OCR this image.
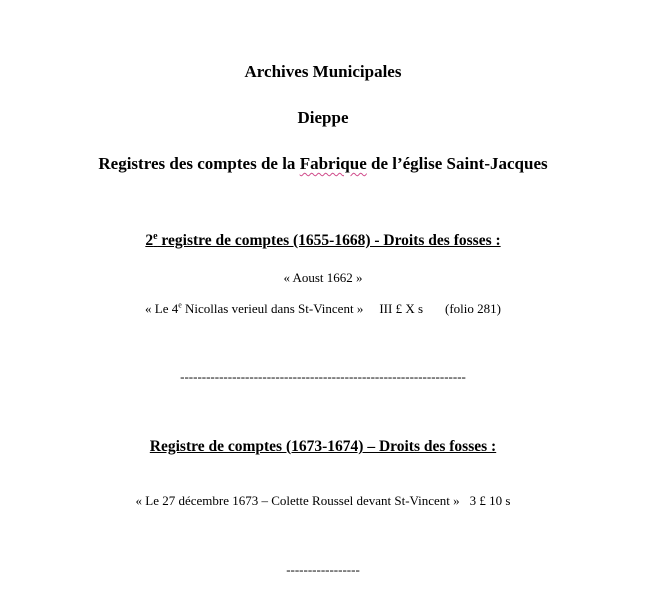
Archives Municipales
Dieppe
Registres des comptes de la Fabrique de l’église Saint-Jacques
2e registre de comptes (1655-1668) - Droits des fosses :
« Aoust 1662 »
« Le 4e Nicollas verieul dans St-Vincent » III £ X s (folio 281)
------------------------------------------------------------------
Registre de comptes (1673-1674) – Droits des fosses :
« Le 27 décembre 1673 – Colette Roussel devant St-Vincent » 3 £ 10 s
-----------------
